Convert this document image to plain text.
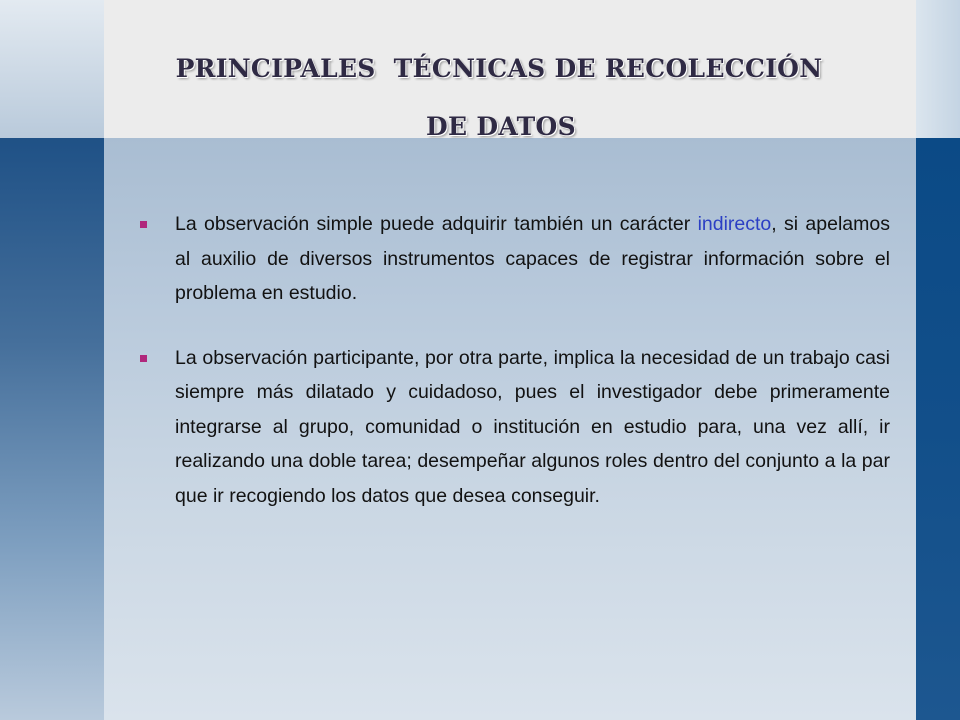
PRINCIPALES  TÉCNICAS DE RECOLECCIÓN
DE DATOS
La observación simple puede adquirir también un carácter indirecto, si apelamos al auxilio de diversos instrumentos capaces de registrar información sobre el problema en estudio.
La observación participante, por otra parte, implica la necesidad de un trabajo casi siempre más dilatado y cuidadoso, pues el investigador debe primeramente  integrarse al grupo, comunidad o institución en estudio para, una vez allí, ir realizando una doble tarea; desempeñar algunos roles dentro del conjunto a la par que ir recogiendo los datos que desea conseguir.
